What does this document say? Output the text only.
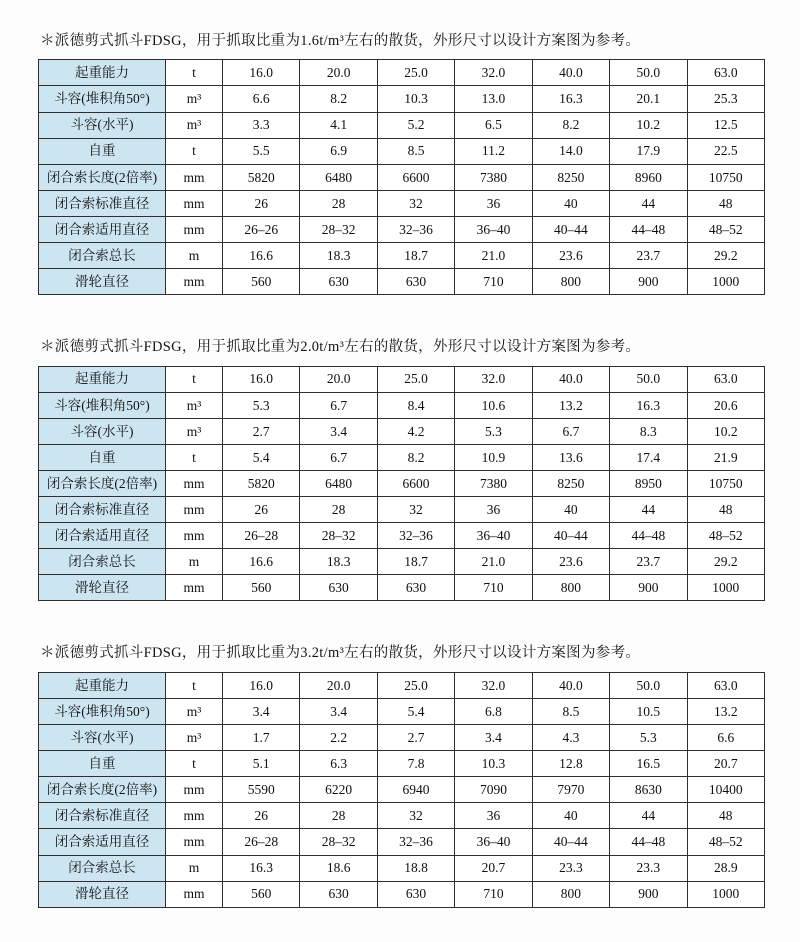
＊派德剪式抓斗FDSG，用于抓取比重为1.6t/m³左右的散货，外形尺寸以设计方案图为参考。

起重能力	t	16.0	20.0	25.0	32.0	40.0	50.0	63.0
斗容(堆积角50°)	m³	6.6	8.2	10.3	13.0	16.3	20.1	25.3
斗容(水平)	m³	3.3	4.1	5.2	6.5	8.2	10.2	12.5
自重	t	5.5	6.9	8.5	11.2	14.0	17.9	22.5
闭合索长度(2倍率)	mm	5820	6480	6600	7380	8250	8960	10750
闭合索标准直径	mm	26	28	32	36	40	44	48
闭合索适用直径	mm	26–26	28–32	32–36	36–40	40–44	44–48	48–52
闭合索总长	m	16.6	18.3	18.7	21.0	23.6	23.7	29.2
滑轮直径	mm	560	630	630	710	800	900	1000

＊派德剪式抓斗FDSG，用于抓取比重为2.0t/m³左右的散货，外形尺寸以设计方案图为参考。

起重能力	t	16.0	20.0	25.0	32.0	40.0	50.0	63.0
斗容(堆积角50°)	m³	5.3	6.7	8.4	10.6	13.2	16.3	20.6
斗容(水平)	m³	2.7	3.4	4.2	5.3	6.7	8.3	10.2
自重	t	5.4	6.7	8.2	10.9	13.6	17.4	21.9
闭合索长度(2倍率)	mm	5820	6480	6600	7380	8250	8950	10750
闭合索标准直径	mm	26	28	32	36	40	44	48
闭合索适用直径	mm	26–28	28–32	32–36	36–40	40–44	44–48	48–52
闭合索总长	m	16.6	18.3	18.7	21.0	23.6	23.7	29.2
滑轮直径	mm	560	630	630	710	800	900	1000

＊派德剪式抓斗FDSG，用于抓取比重为3.2t/m³左右的散货，外形尺寸以设计方案图为参考。

起重能力	t	16.0	20.0	25.0	32.0	40.0	50.0	63.0
斗容(堆积角50°)	m³	3.4	3.4	5.4	6.8	8.5	10.5	13.2
斗容(水平)	m³	1.7	2.2	2.7	3.4	4.3	5.3	6.6
自重	t	5.1	6.3	7.8	10.3	12.8	16.5	20.7
闭合索长度(2倍率)	mm	5590	6220	6940	7090	7970	8630	10400
闭合索标准直径	mm	26	28	32	36	40	44	48
闭合索适用直径	mm	26–28	28–32	32–36	36–40	40–44	44–48	48–52
闭合索总长	m	16.3	18.6	18.8	20.7	23.3	23.3	28.9
滑轮直径	mm	560	630	630	710	800	900	1000
